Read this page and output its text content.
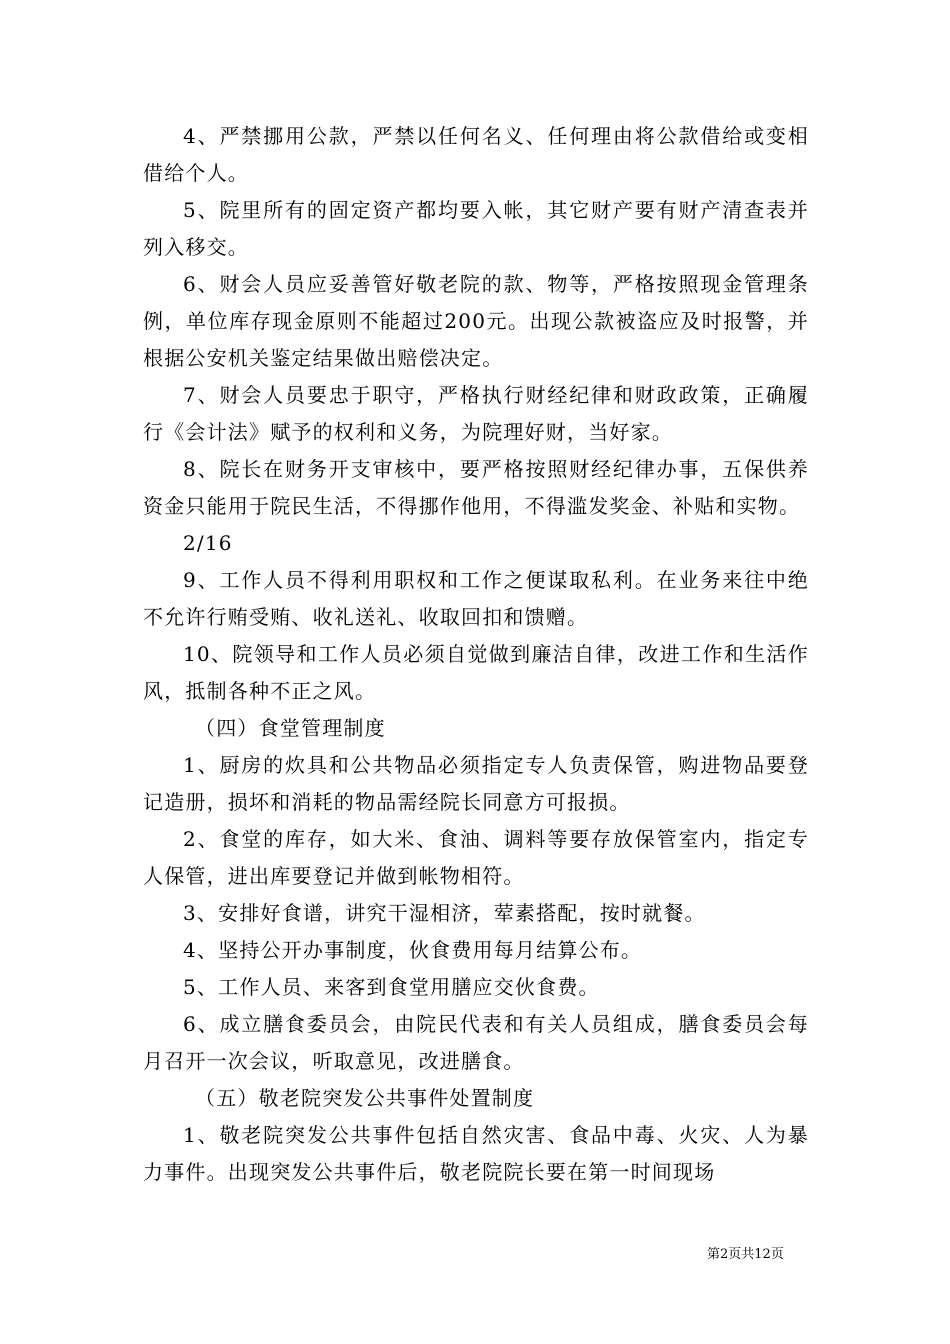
4、严禁挪用公款，严禁以任何名义、任何理由将公款借给或变相借给个人。

5、院里所有的固定资产都均要入帐，其它财产要有财产清查表并列入移交。

6、财会人员应妥善管好敬老院的款、物等，严格按照现金管理条例，单位库存现金原则不能超过200元。出现公款被盗应及时报警，并根据公安机关鉴定结果做出赔偿决定。

7、财会人员要忠于职守，严格执行财经纪律和财政政策，正确履行《会计法》赋予的权利和义务，为院理好财，当好家。

8、院长在财务开支审核中，要严格按照财经纪律办事，五保供养资金只能用于院民生活，不得挪作他用，不得滥发奖金、补贴和实物。

2/16

9、工作人员不得利用职权和工作之便谋取私利。在业务来往中绝不允许行贿受贿、收礼送礼、收取回扣和馈赠。

10、院领导和工作人员必须自觉做到廉洁自律，改进工作和生活作风，抵制各种不正之风。

（四）食堂管理制度

1、厨房的炊具和公共物品必须指定专人负责保管，购进物品要登记造册，损坏和消耗的物品需经院长同意方可报损。

2、食堂的库存，如大米、食油、调料等要存放保管室内，指定专人保管，进出库要登记并做到帐物相符。

3、安排好食谱，讲究干湿相济，荤素搭配，按时就餐。

4、坚持公开办事制度，伙食费用每月结算公布。

5、工作人员、来客到食堂用膳应交伙食费。

6、成立膳食委员会，由院民代表和有关人员组成，膳食委员会每月召开一次会议，听取意见，改进膳食。

（五）敬老院突发公共事件处置制度

1、敬老院突发公共事件包括自然灾害、食品中毒、火灾、人为暴力事件。出现突发公共事件后，敬老院院长要在第一时间现场

第2页共12页
